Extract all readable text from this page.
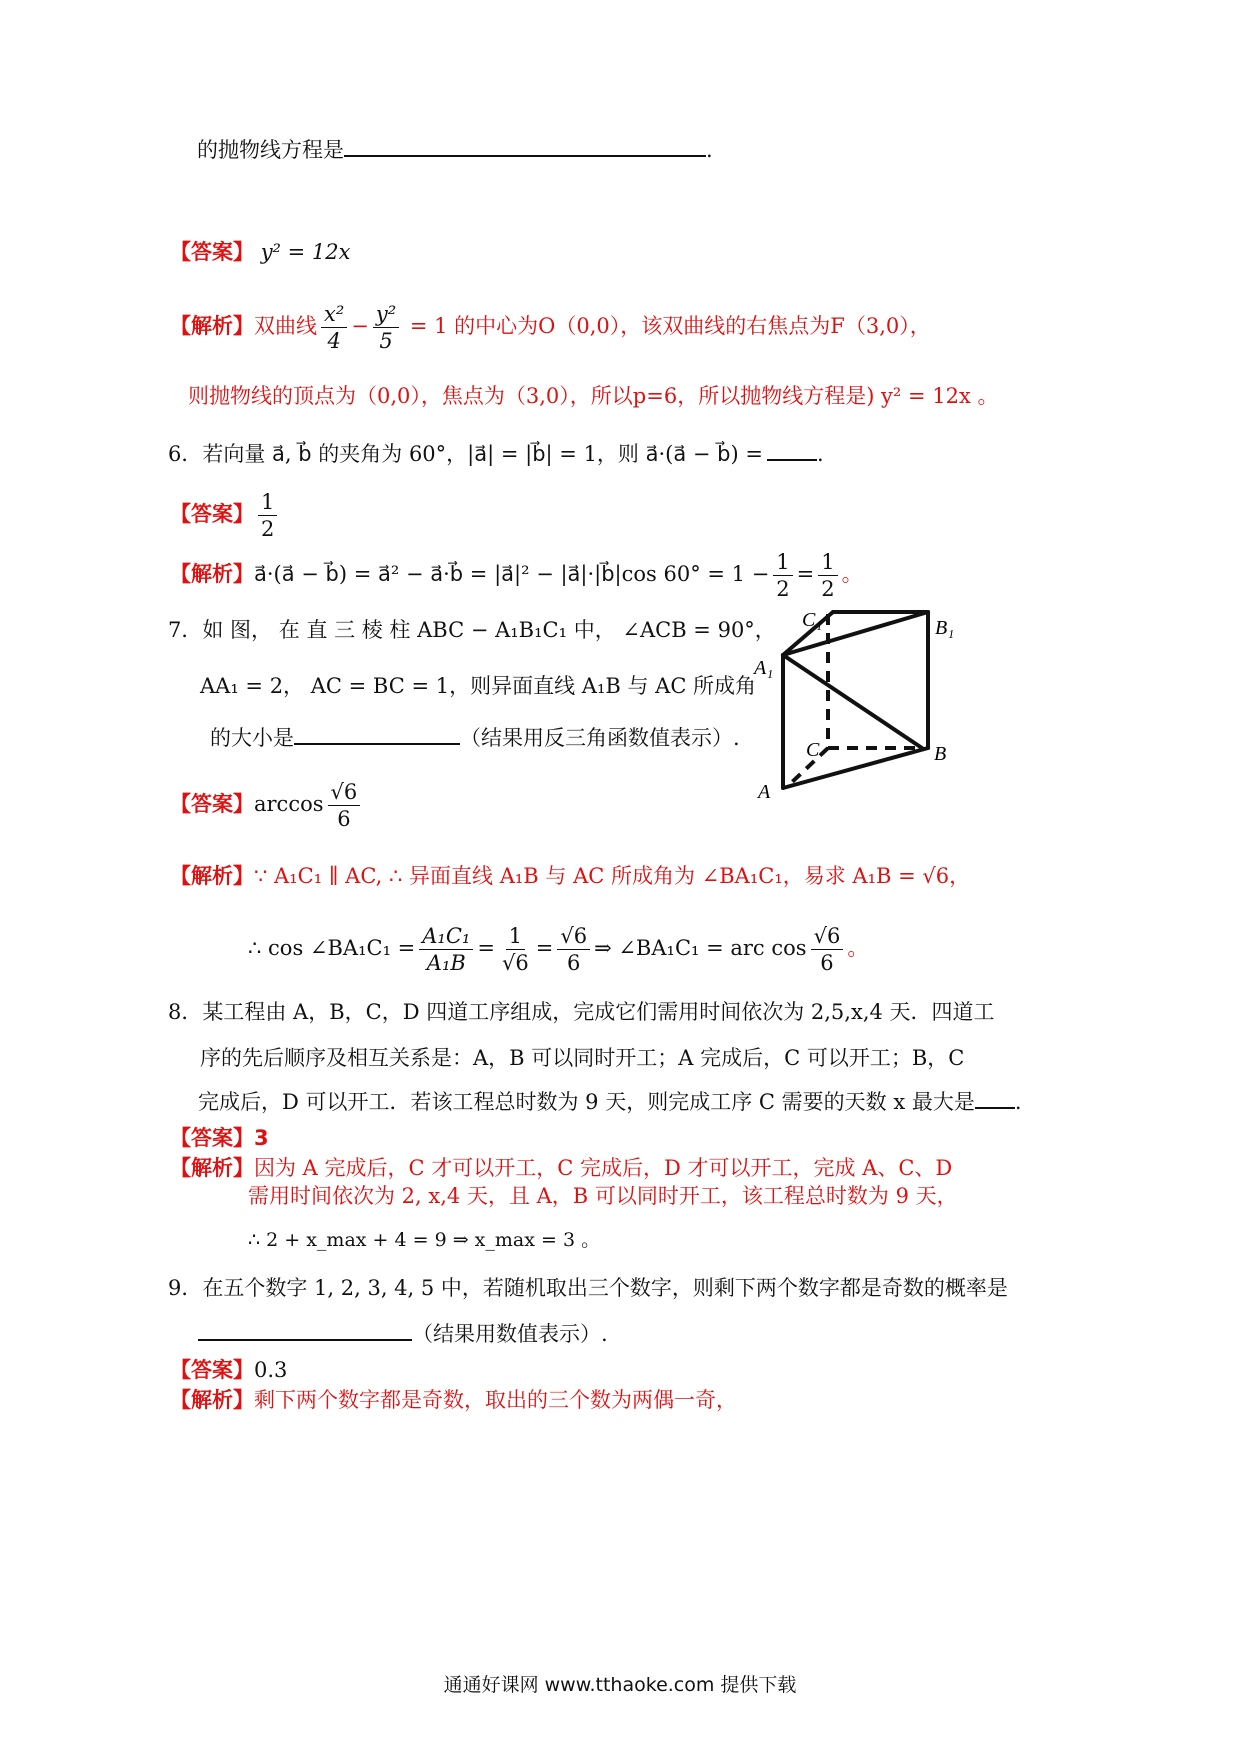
的抛物线方程是	.
【答案】 y² = 12x
【解析】双曲线 $\frac{\text{x²}}{4} - \frac{\text{y²}}{5} = 1$ 的中心为O（0,0），该双曲线的右焦点为F（3,0），
则抛物线的顶点为（0,0），焦点为（3,0），所以p=6，所以抛物线方程是) y² = 12x 。
6．若向量 a⃗, b⃗ 的夹角为 60°，|a⃗| = |b⃗| = 1，则 a⃗·(a⃗ − b⃗) =	.
【答案】 $\frac{1}{2}$
【解析】a⃗·(a⃗ − b⃗) = a⃗² − a⃗·b⃗ = |a⃗|² − |a⃗|·|b⃗|cos $60^\circ = 1 - \frac{1}{2} = \frac{1}{2}$ 。
7．如 图， 在 直 三 棱 柱 ABC − A₁B₁C₁ 中， ∠ACB = 90°，
AA₁ = 2， AC = BC = 1，则异面直线 A₁B 与 AC 所成角
的大小是	（结果用反三角函数值表示）.
C₁	B₁
A₁
C	B
A
【答案】$\arccos \frac{√6}{6}$
【解析】∵ A₁C₁ ∥ AC, ∴ 异面直线 A₁B 与 AC 所成角为 ∠BA₁C₁，易求 A₁B = √6，
∴ cos ∠BA₁C₁ = $\frac{\text{A₁C₁}}{\text{A₁B}} = \frac{1}{√6} = \frac{√6}{6}$ ⇒ ∠BA₁C₁ = arc $\cos \frac{√6}{6}$ 。
8．某工程由 A，B，C，D 四道工序组成，完成它们需用时间依次为 2,5,x,4 天．四道工
序的先后顺序及相互关系是：A，B 可以同时开工；A 完成后，C 可以开工；B，C
完成后，D 可以开工．若该工程总时数为 9 天，则完成工序 C 需要的天数 x 最大是 .
【答案】3
【解析】因为 A 完成后，C 才可以开工，C 完成后，D 才可以开工，完成 A、C、D
需用时间依次为 2, x,4 天，且 A，B 可以同时开工，该工程总时数为 9 天，
∴ 2 + x_max + 4 = 9 ⇒ x_max = 3 。
9．在五个数字 1, 2, 3, 4, 5 中，若随机取出三个数字，则剩下两个数字都是奇数的概率是
（结果用数值表示）.
【答案】0.3
【解析】剩下两个数字都是奇数，取出的三个数为两偶一奇，
通通好课网 www.tthaoke.com 提供下载
